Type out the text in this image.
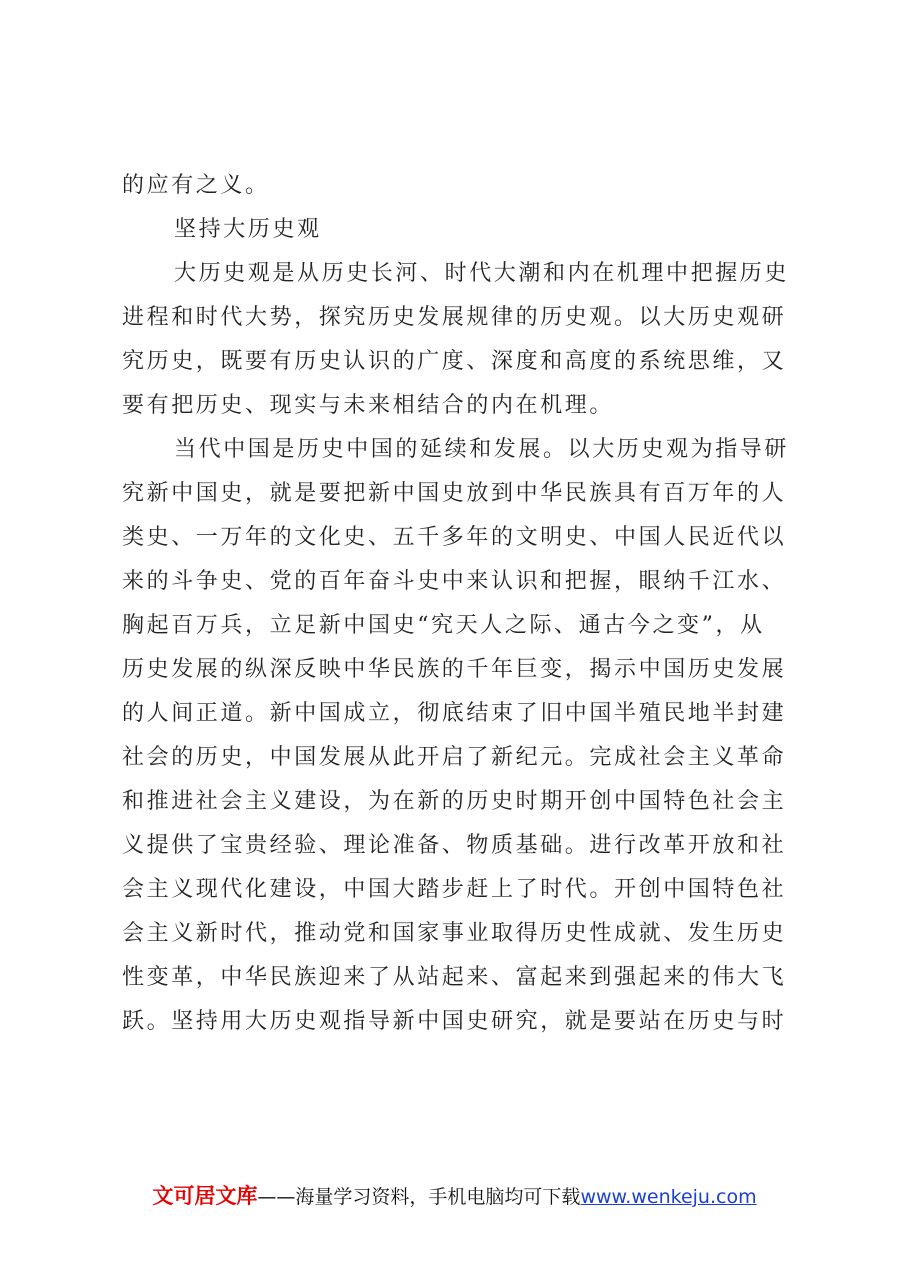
的应有之义。
坚持大历史观
大历史观是从历史长河、时代大潮和内在机理中把握历史
进程和时代大势，探究历史发展规律的历史观。以大历史观研
究历史，既要有历史认识的广度、深度和高度的系统思维，又
要有把历史、现实与未来相结合的内在机理。
当代中国是历史中国的延续和发展。以大历史观为指导研
究新中国史，就是要把新中国史放到中华民族具有百万年的人
类史、一万年的文化史、五千多年的文明史、中国人民近代以
来的斗争史、党的百年奋斗史中来认识和把握，眼纳千江水、
胸起百万兵，立足新中国史“究天人之际、通古今之变”，从
历史发展的纵深反映中华民族的千年巨变，揭示中国历史发展
的人间正道。新中国成立，彻底结束了旧中国半殖民地半封建
社会的历史，中国发展从此开启了新纪元。完成社会主义革命
和推进社会主义建设，为在新的历史时期开创中国特色社会主
义提供了宝贵经验、理论准备、物质基础。进行改革开放和社
会主义现代化建设，中国大踏步赶上了时代。开创中国特色社
会主义新时代，推动党和国家事业取得历史性成就、发生历史
性变革，中华民族迎来了从站起来、富起来到强起来的伟大飞
跃。坚持用大历史观指导新中国史研究，就是要站在历史与时
文可居文库——海量学习资料，手机电脑均可下载www.wenkeju.com
